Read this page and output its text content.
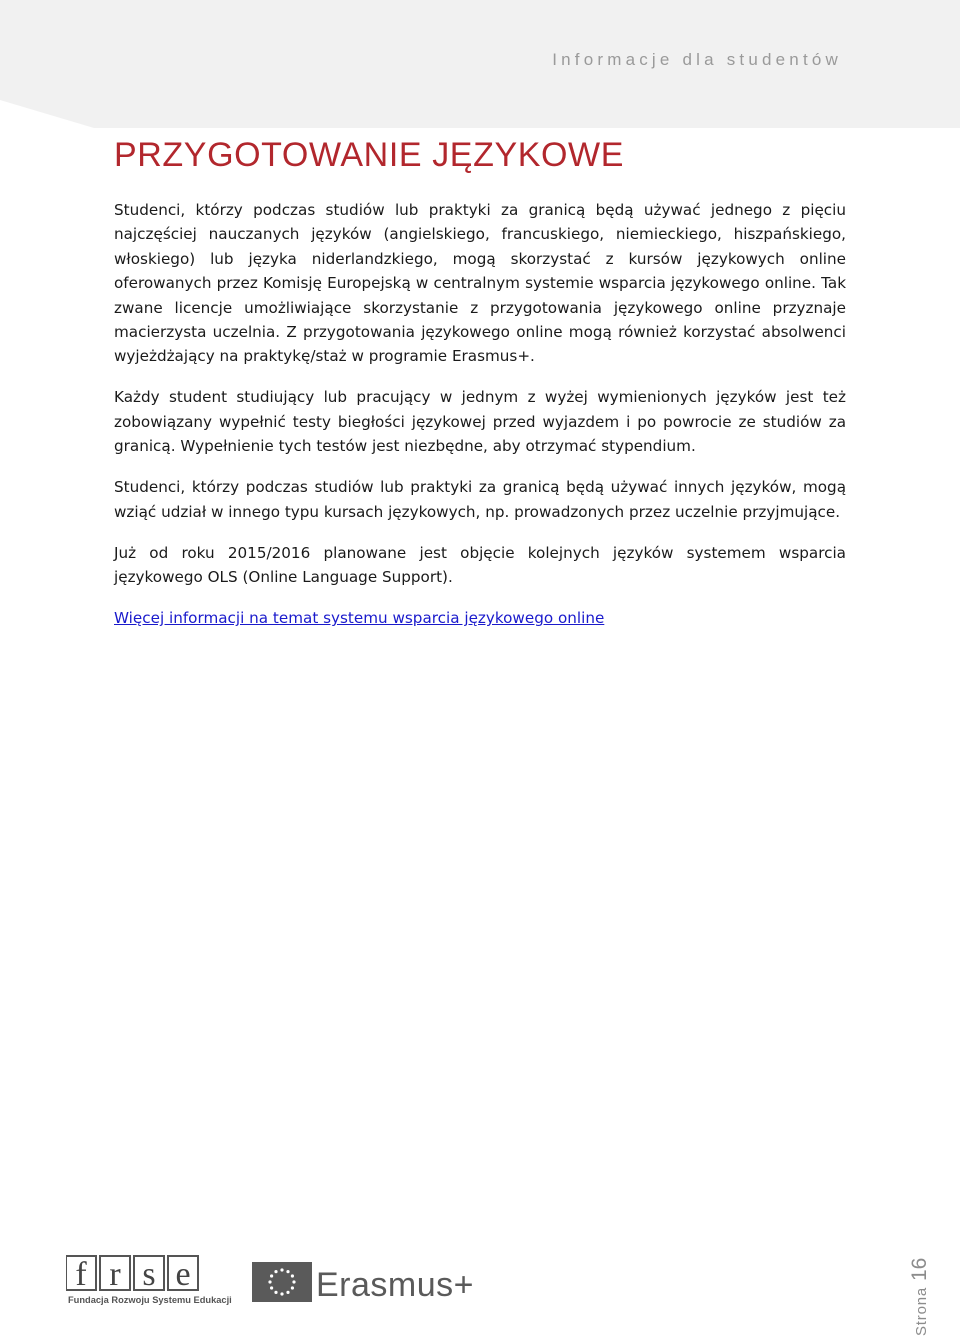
Informacje dla studentów
PRZYGOTOWANIE JĘZYKOWE

Studenci, którzy podczas studiów lub praktyki za granicą będą używać jednego z pięciu najczęściej nauczanych języków (angielskiego, francuskiego, niemieckiego, hiszpańskiego, włoskiego) lub języka niderlandzkiego, mogą skorzystać z kursów językowych online oferowanych przez Komisję Europejską w centralnym systemie wsparcia językowego online. Tak zwane licencje umożliwiające skorzystanie z przygotowania językowego online przyznaje macierzysta uczelnia. Z przygotowania językowego online mogą również korzystać absolwenci wyjeżdżający na praktykę/staż w programie Erasmus+.

Każdy student studiujący lub pracujący w jednym z wyżej wymienionych języków jest też zobowiązany wypełnić testy biegłości językowej przed wyjazdem i po powrocie ze studiów za granicą. Wypełnienie tych testów jest niezbędne, aby otrzymać stypendium.

Studenci, którzy podczas studiów lub praktyki za granicą będą używać innych języków, mogą wziąć udział w innego typu kursach językowych, np. prowadzonych przez uczelnie przyjmujące.

Już od roku 2015/2016 planowane jest objęcie kolejnych języków systemem wsparcia językowego OLS (Online Language Support).

Więcej informacji na temat systemu wsparcia językowego online

f r s e
Fundacja Rozwoju Systemu Edukacji Erasmus+
Strona16
